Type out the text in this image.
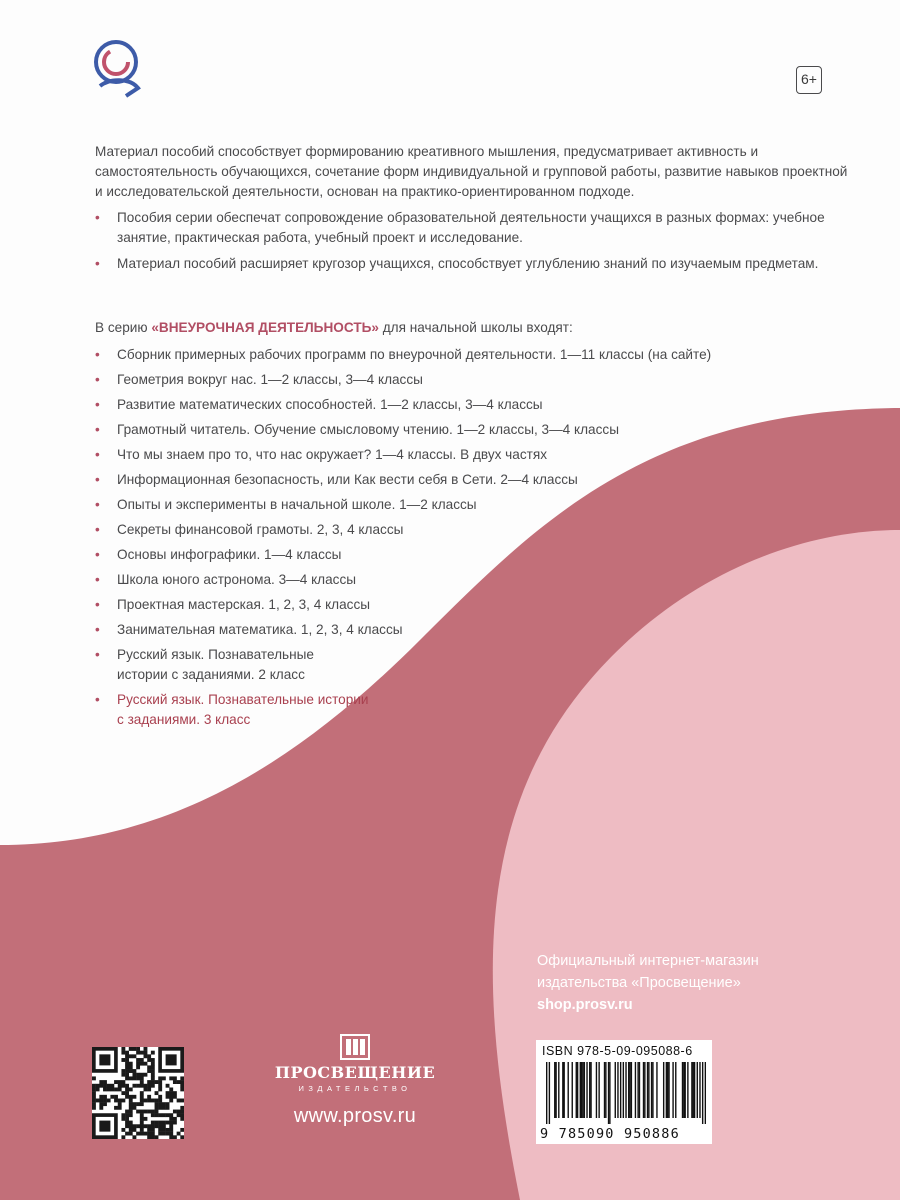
6+

Материал пособий способствует формированию креативного мышления, предусматривает активность и самостоятельность обучающихся, сочетание форм индивидуальной и групповой работы, развитие навыков проектной и исследовательской деятельности, основан на практико-ориентированном подходе.

• Пособия серии обеспечат сопровождение образовательной деятельности учащихся в разных формах: учебное занятие, практическая работа, учебный проект и исследование.

• Материал пособий расширяет кругозор учащихся, способствует углублению знаний по изучаемым предметам.

В серию «ВНЕУРОЧНАЯ ДЕЯТЕЛЬНОСТЬ» для начальной школы входят:

• Сборник примерных рабочих программ по внеурочной деятельности. 1—11 классы (на сайте)

• Геометрия вокруг нас. 1—2 классы, 3—4 классы

• Развитие математических способностей. 1—2 классы, 3—4 классы

• Грамотный читатель. Обучение смысловому чтению. 1—2 классы, 3—4 классы

• Что мы знаем про то, что нас окружает? 1—4 классы. В двух частях

• Информационная безопасность, или Как вести себя в Сети. 2—4 классы

• Опыты и эксперименты в начальной школе. 1—2 классы

• Секреты финансовой грамоты. 2, 3, 4 классы

• Основы инфографики. 1—4 классы

• Школа юного астронома. 3—4 классы

• Проектная мастерская. 1, 2, 3, 4 классы

• Занимательная математика. 1, 2, 3, 4 классы

• Русский язык. Познавательные
истории с заданиями. 2 класс

• Русский язык. Познавательные истории
с заданиями. 3 класс

Официальный интернет-магазин
издательства «Просвещение»
shop.prosv.ru
ПРОСВЕЩЕНИЕ
ИЗДАТЕЛЬСТВО
www.prosv.ru
ISBN 978-5-09-095088-6
9 785090 950886
